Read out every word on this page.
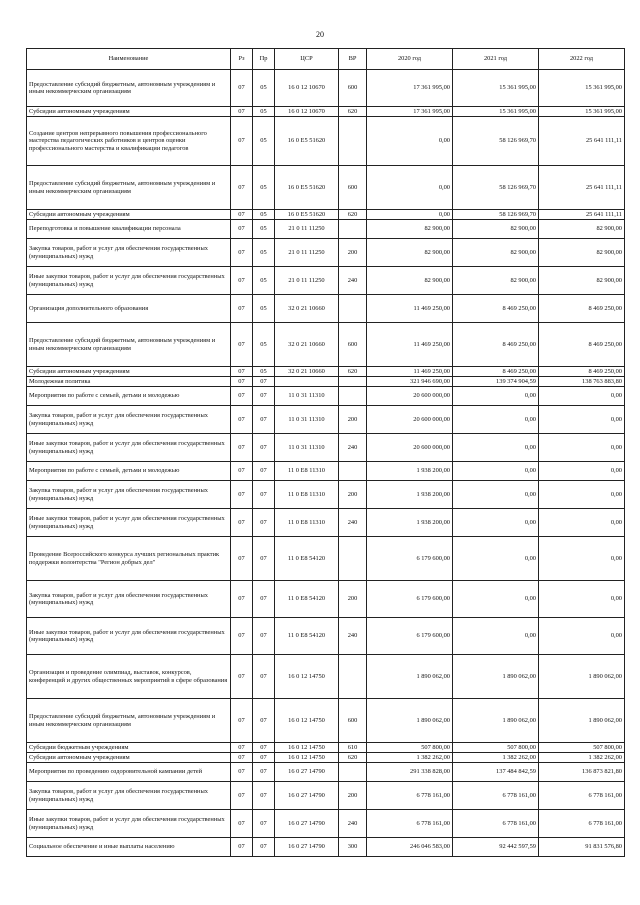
20
Наименование	Рз	Пр	ЦСР	ВР	2020 год	2021 год	2022 год
Предоставление субсидий бюджетным, автономным учреждениям и иным некоммерческим организациям	07	05	16 0 12 10670	600	17 361 995,00	15 361 995,00	15 361 995,00
Субсидии автономным учреждениям	07	05	16 0 12 10670	620	17 361 995,00	15 361 995,00	15 361 995,00
Создание центров непрерывного повышения профессионального мастерства педагогических работников и центров оценки профессионального мастерства и квалификации педагогов	07	05	16 0 E5 51620		0,00	58 126 969,70	25 641 111,11
Предоставление субсидий бюджетным, автономным учреждениям и иным некоммерческим организациям	07	05	16 0 E5 51620	600	0,00	58 126 969,70	25 641 111,11
Субсидии автономным учреждениям	07	05	16 0 E5 51620	620	0,00	58 126 969,70	25 641 111,11
Переподготовка и повышение квалификации персонала	07	05	21 0 11 11250		82 900,00	82 900,00	82 900,00
Закупка товаров, работ и услуг для обеспечения государственных (муниципальных) нужд	07	05	21 0 11 11250	200	82 900,00	82 900,00	82 900,00
Иные закупки товаров, работ и услуг для обеспечения государственных (муниципальных) нужд	07	05	21 0 11 11250	240	82 900,00	82 900,00	82 900,00
Организация дополнительного образования	07	05	32 0 21 10660		11 469 250,00	8 469 250,00	8 469 250,00
Предоставление субсидий бюджетным, автономным учреждениям и иным некоммерческим организациям	07	05	32 0 21 10660	600	11 469 250,00	8 469 250,00	8 469 250,00
Субсидии автономным учреждениям	07	05	32 0 21 10660	620	11 469 250,00	8 469 250,00	8 469 250,00
Молодежная политика	07	07			321 946 690,00	139 374 904,59	138 763 883,80
Мероприятия по работе с семьей, детьми и молодежью	07	07	11 0 31 11310		20 600 000,00	0,00	0,00
Закупка товаров, работ и услуг для обеспечения государственных (муниципальных) нужд	07	07	11 0 31 11310	200	20 600 000,00	0,00	0,00
Иные закупки товаров, работ и услуг для обеспечения государственных (муниципальных) нужд	07	07	11 0 31 11310	240	20 600 000,00	0,00	0,00
Мероприятия по работе с семьей, детьми и молодежью	07	07	11 0 E8 11310		1 938 200,00	0,00	0,00
Закупка товаров, работ и услуг для обеспечения государственных (муниципальных) нужд	07	07	11 0 E8 11310	200	1 938 200,00	0,00	0,00
Иные закупки товаров, работ и услуг для обеспечения государственных (муниципальных) нужд	07	07	11 0 E8 11310	240	1 938 200,00	0,00	0,00
Проведение Всероссийского конкурса лучших региональных практик поддержки волонтерства "Регион добрых дел"	07	07	11 0 E8 54120		6 179 600,00	0,00	0,00
Закупка товаров, работ и услуг для обеспечения государственных (муниципальных) нужд	07	07	11 0 E8 54120	200	6 179 600,00	0,00	0,00
Иные закупки товаров, работ и услуг для обеспечения государственных (муниципальных) нужд	07	07	11 0 E8 54120	240	6 179 600,00	0,00	0,00
Организация и проведение олимпиад, выставок, конкурсов, конференций и других общественных мероприятий в сфере образования	07	07	16 0 12 14750		1 890 062,00	1 890 062,00	1 890 062,00
Предоставление субсидий бюджетным, автономным учреждениям и иным некоммерческим организациям	07	07	16 0 12 14750	600	1 890 062,00	1 890 062,00	1 890 062,00
Субсидии бюджетным учреждениям	07	07	16 0 12 14750	610	507 800,00	507 800,00	507 800,00
Субсидии автономным учреждениям	07	07	16 0 12 14750	620	1 382 262,00	1 382 262,00	1 382 262,00
Мероприятия по проведению оздоровительной кампании детей	07	07	16 0 27 14790		291 338 828,00	137 484 842,59	136 873 821,80
Закупка товаров, работ и услуг для обеспечения государственных (муниципальных) нужд	07	07	16 0 27 14790	200	6 778 161,00	6 778 161,00	6 778 161,00
Иные закупки товаров, работ и услуг для обеспечения государственных (муниципальных) нужд	07	07	16 0 27 14790	240	6 778 161,00	6 778 161,00	6 778 161,00
Социальное обеспечение и иные выплаты населению	07	07	16 0 27 14790	300	246 046 583,00	92 442 597,59	91 831 576,80
